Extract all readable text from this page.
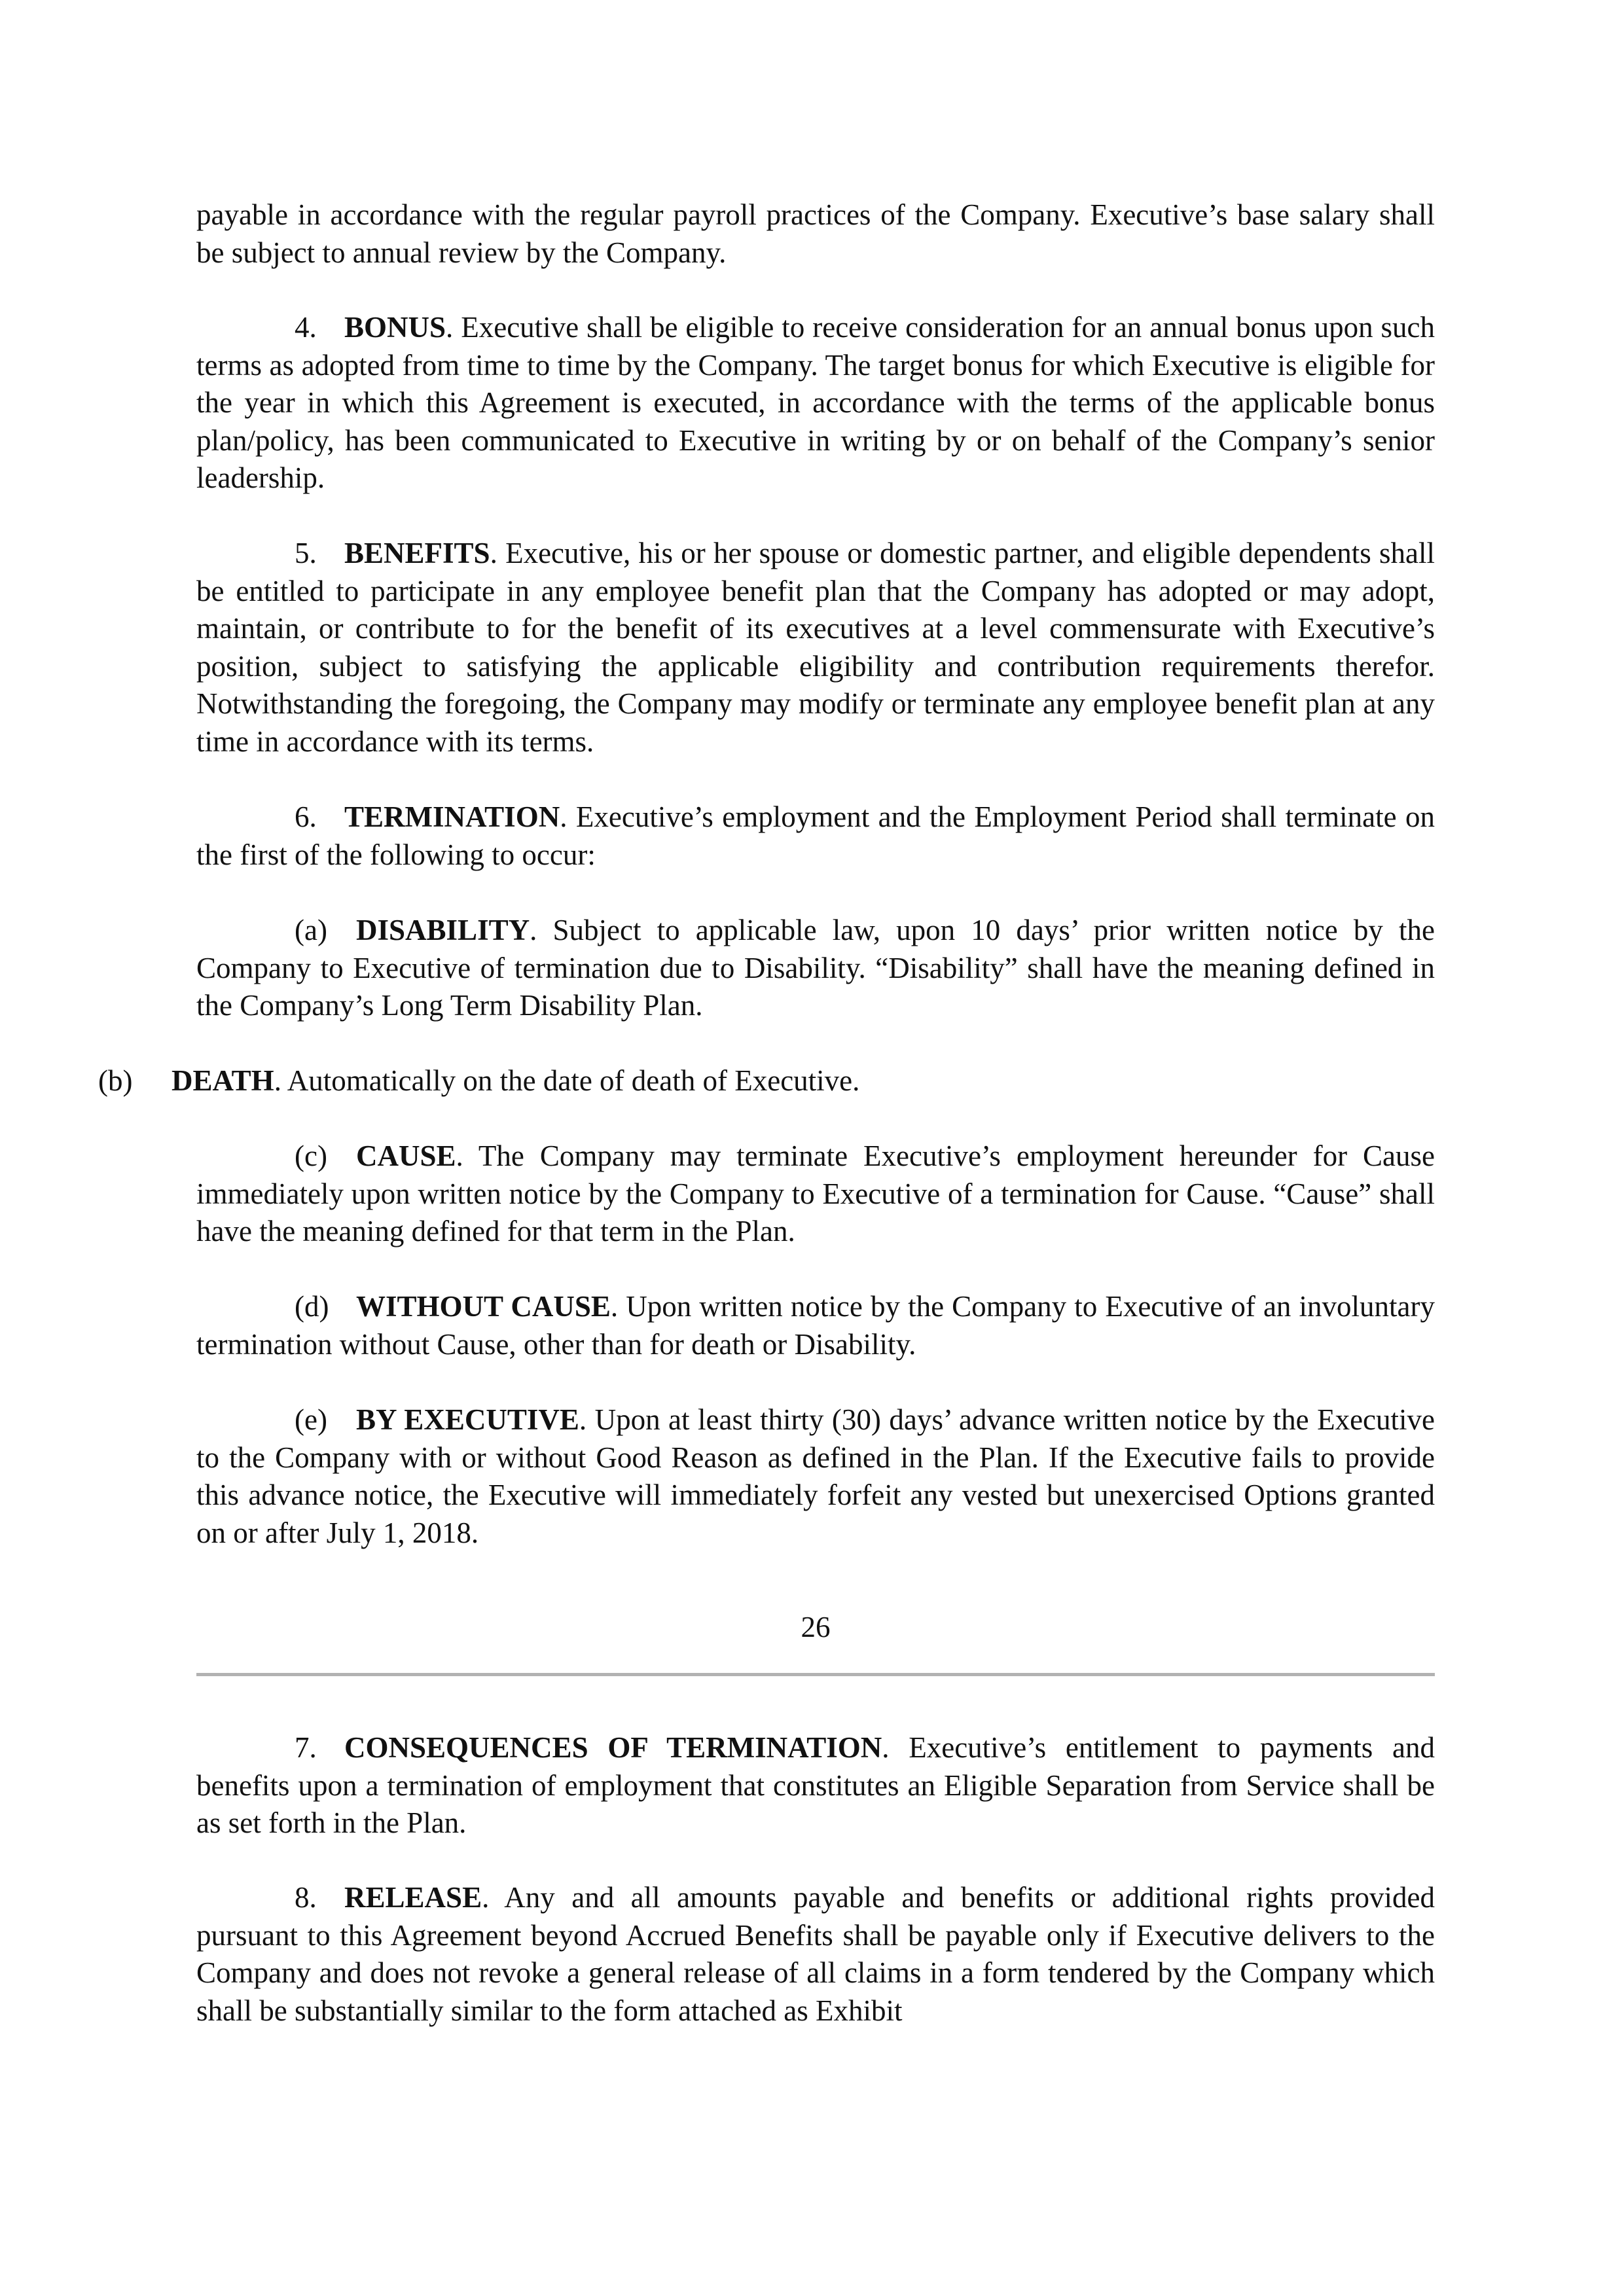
payable in accordance with the regular payroll practices of the Company. Executive’s base salary shall be subject to annual review by the Company.

4. BONUS. Executive shall be eligible to receive consideration for an annual bonus upon such terms as adopted from time to time by the Company. The target bonus for which Executive is eligible for the year in which this Agreement is executed, in accordance with the terms of the applicable bonus plan/policy, has been communicated to Executive in writing by or on behalf of the Company’s senior leadership.

5. BENEFITS. Executive, his or her spouse or domestic partner, and eligible dependents shall be entitled to participate in any employee benefit plan that the Company has adopted or may adopt, maintain, or contribute to for the benefit of its executives at a level commensurate with Executive’s position, subject to satisfying the applicable eligibility and contribution requirements therefor. Notwithstanding the foregoing, the Company may modify or terminate any employee benefit plan at any time in accordance with its terms.

6. TERMINATION. Executive’s employment and the Employment Period shall terminate on the first of the following to occur:

(a) DISABILITY. Subject to applicable law, upon 10 days’ prior written notice by the Company to Executive of termination due to Disability. “Disability” shall have the meaning defined in the Company’s Long Term Disability Plan.

(b) DEATH. Automatically on the date of death of Executive.

(c) CAUSE. The Company may terminate Executive’s employment hereunder for Cause immediately upon written notice by the Company to Executive of a termination for Cause. “Cause” shall have the meaning defined for that term in the Plan.

(d) WITHOUT CAUSE. Upon written notice by the Company to Executive of an involuntary termination without Cause, other than for death or Disability.

(e) BY EXECUTIVE. Upon at least thirty (30) days’ advance written notice by the Executive to the Company with or without Good Reason as defined in the Plan. If the Executive fails to provide this advance notice, the Executive will immediately forfeit any vested but unexercised Options granted on or after July 1, 2018.

26

7. CONSEQUENCES OF TERMINATION. Executive’s entitlement to payments and benefits upon a termination of employment that constitutes an Eligible Separation from Service shall be as set forth in the Plan.

8. RELEASE. Any and all amounts payable and benefits or additional rights provided pursuant to this Agreement beyond Accrued Benefits shall be payable only if Executive delivers to the Company and does not revoke a general release of all claims in a form tendered by the Company which shall be substantially similar to the form attached as Exhibit
